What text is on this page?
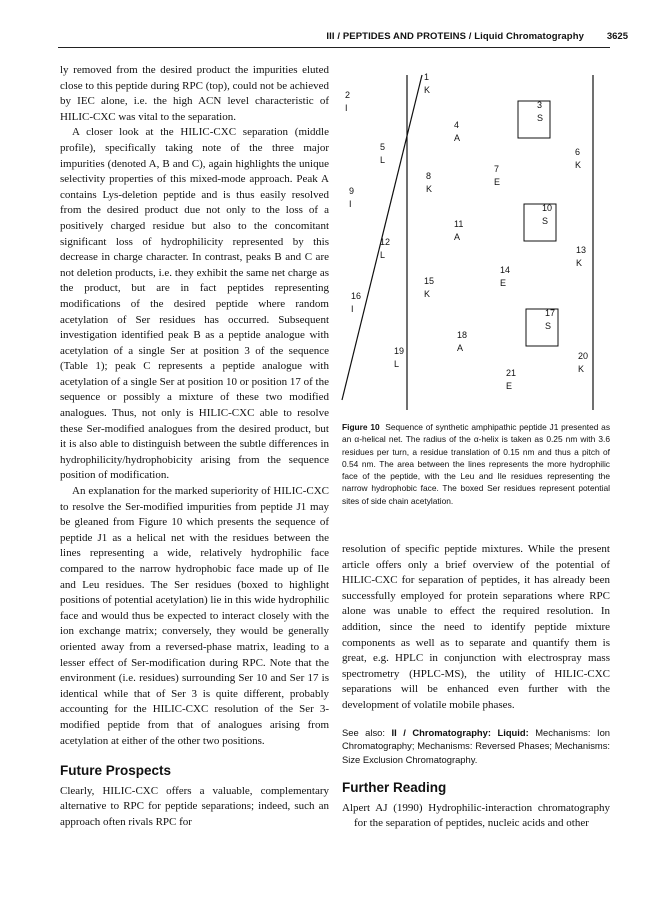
III / PEPTIDES AND PROTEINS / Liquid Chromatography 3625

ly removed from the desired product the impurities eluted close to this peptide during RPC (top), could not be achieved by IEC alone, i.e. the high ACN level characteristic of HILIC-CXC was vital to the separation.

A closer look at the HILIC-CXC separation (middle profile), specifically taking note of the three major impurities (denoted A, B and C), again highlights the unique selectivity properties of this mixed-mode approach. Peak A contains Lys-deletion peptide and is thus easily resolved from the desired product due not only to the loss of a positively charged residue but also to the concomitant significant loss of hydrophilicity represented by this decrease in charge character. In contrast, peaks B and C are not deletion products, i.e. they exhibit the same net charge as the product, but are in fact peptides representing modifications of the desired peptide where random acetylation of Ser residues has occurred. Subsequent investigation identified peak B as a peptide analogue with acetylation of a single Ser at position 3 of the sequence (Table 1); peak C represents a peptide analogue with acetylation of a single Ser at position 10 or position 17 of the sequence or possibly a mixture of these two modified analogues. Thus, not only is HILIC-CXC able to resolve these Ser-modified analogues from the desired product, but it is also able to distinguish between the subtle differences in hydrophilicity/hydrophobicity arising from the sequence position of modification.

An explanation for the marked superiority of HILIC-CXC to resolve the Ser-modified impurities from peptide J1 may be gleaned from Figure 10 which presents the sequence of peptide J1 as a helical net with the residues between the lines representing a wide, relatively hydrophilic face compared to the narrow hydrophobic face made up of Ile and Leu residues. The Ser residues (boxed to highlight positions of potential acetylation) lie in this wide hydrophilic face and would thus be expected to interact closely with the ion exchange matrix; conversely, they would be generally oriented away from a reversed-phase matrix, leading to a lesser effect of Ser-modification during RPC. Note that the environment (i.e. residues) surrounding Ser 10 and Ser 17 is identical while that of Ser 3 is quite different, probably accounting for the HILIC-CXC resolution of the Ser 3-modified peptide from that of analogues arising from acetylation at either of the other two positions.

Future Prospects

Clearly, HILIC-CXC offers a valuable, complementary alternative to RPC for peptide separations; indeed, such an approach often rivals RPC for

1
K
2
I	3
S
4
A
5
L
6
K
7
E
8
K
9
I	10
S
11
A
12
L	13
K
14
E
15
K
16
I	17
S
18
A
19
L
20
K
21
E
Figure 10 Sequence of synthetic amphipathic peptide J1 presented as an α-helical net. The radius of the α-helix is taken as 0.25 nm with 3.6 residues per turn, a residue translation of 0.15 nm and thus a pitch of 0.54 nm. The area between the lines represents the more hydrophilic face of the peptide, with the Leu and Ile residues representing the narrow hydrophobic face. The boxed Ser residues represent potential sites of side chain acetylation.

resolution of specific peptide mixtures. While the present article offers only a brief overview of the potential of HILIC-CXC for separation of peptides, it has already been successfully employed for protein separations where RPC alone was unable to effect the required resolution. In addition, since the need to identify peptide mixture components as well as to separate and quantify them is great, e.g. HPLC in conjunction with electrospray mass spectrometry (HPLC-MS), the utility of HILIC-CXC separations will be enhanced even further with the development of volatile mobile phases.

See also: II / Chromatography: Liquid: Mechanisms: Ion Chromatography; Mechanisms: Reversed Phases; Mechanisms: Size Exclusion Chromatography.

Further Reading

Alpert AJ (1990) Hydrophilic-interaction chromatography for the separation of peptides, nucleic acids and other
